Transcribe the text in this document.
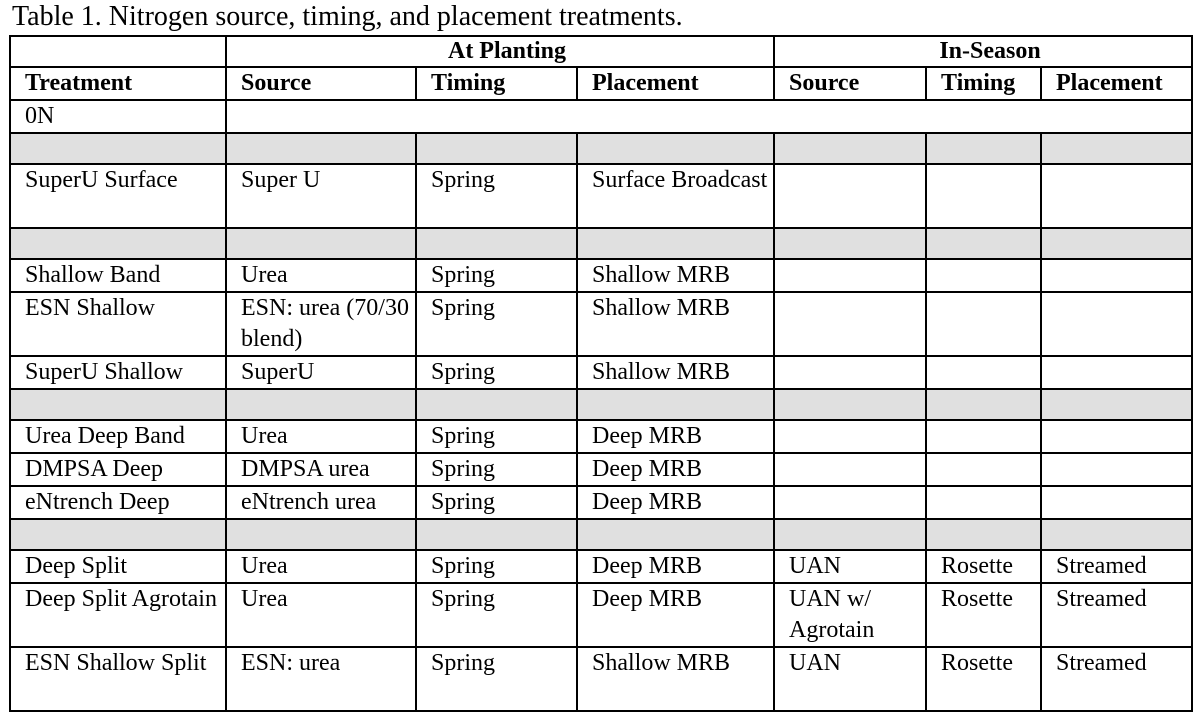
Table 1. Nitrogen source, timing, and placement treatments.
	At Planting			In-Season		
Treatment	Source	Timing	Placement	Source	Timing	Placement
0N						

SuperU Surface	Super U	Spring	Surface Broadcast			

Shallow Band	Urea	Spring	Shallow MRB			
ESN Shallow	ESN: urea (70/30 blend)	Spring	Shallow MRB			
SuperU Shallow	SuperU	Spring	Shallow MRB			

Urea Deep Band	Urea	Spring	Deep MRB			
DMPSA Deep	DMPSA urea	Spring	Deep MRB			
eNtrench Deep	eNtrench urea	Spring	Deep MRB			

Deep Split	Urea	Spring	Deep MRB	UAN	Rosette	Streamed
Deep Split Agrotain	Urea	Spring	Deep MRB	UAN w/ Agrotain	Rosette	Streamed
ESN Shallow Split	ESN: urea	Spring	Shallow MRB	UAN	Rosette	Streamed
